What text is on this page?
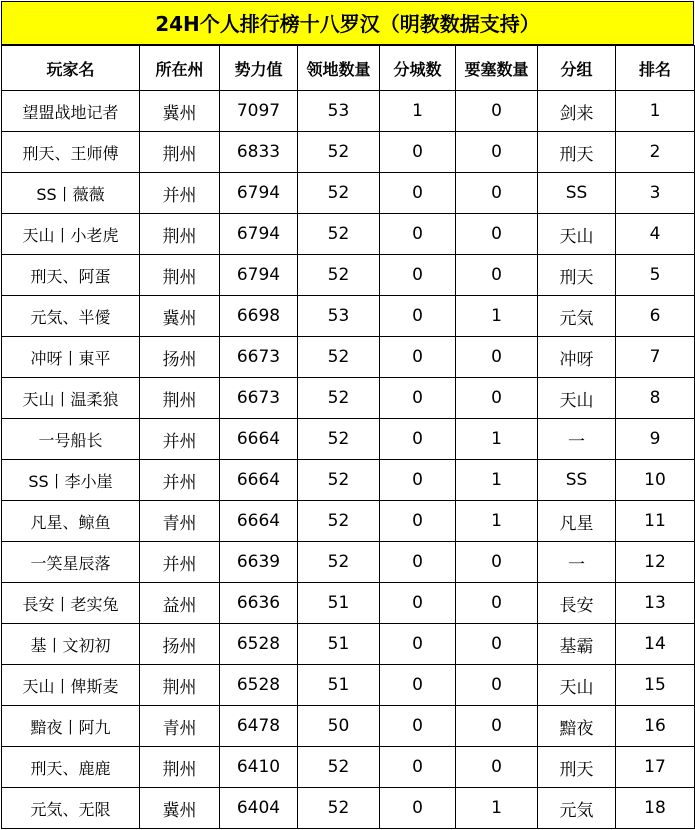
24H个人排行榜十八罗汉（明教数据支持）
玩家名	所在州	势力值	领地数量	分城数	要塞数量	分组	排名
望盟战地记者	冀州	7097	53	1	0	剑来	1
刑天、王师傅	荆州	6833	52	0	0	刑天	2
SS丨薇薇	并州	6794	52	0	0	SS	3
天山丨小老虎	荆州	6794	52	0	0	天山	4
刑天、阿蛋	荆州	6794	52	0	0	刑天	5
元気、半僾	冀州	6698	53	0	1	元気	6
冲呀丨東平	扬州	6673	52	0	0	冲呀	7
天山丨温柔狼	荆州	6673	52	0	0	天山	8
一号船长	并州	6664	52	0	1	一	9
SS丨李小崖	并州	6664	52	0	1	SS	10
凡星、鲸鱼	青州	6664	52	0	1	凡星	11
一笑星辰落	并州	6639	52	0	0	一	12
長安丨老实兔	益州	6636	51	0	0	長安	13
基丨文初初	扬州	6528	51	0	0	基霸	14
天山丨俾斯麦	荆州	6528	51	0	0	天山	15
黯夜丨阿九	青州	6478	50	0	0	黯夜	16
刑天、鹿鹿	荆州	6410	52	0	0	刑天	17
元気、无限	冀州	6404	52	0	1	元気	18
